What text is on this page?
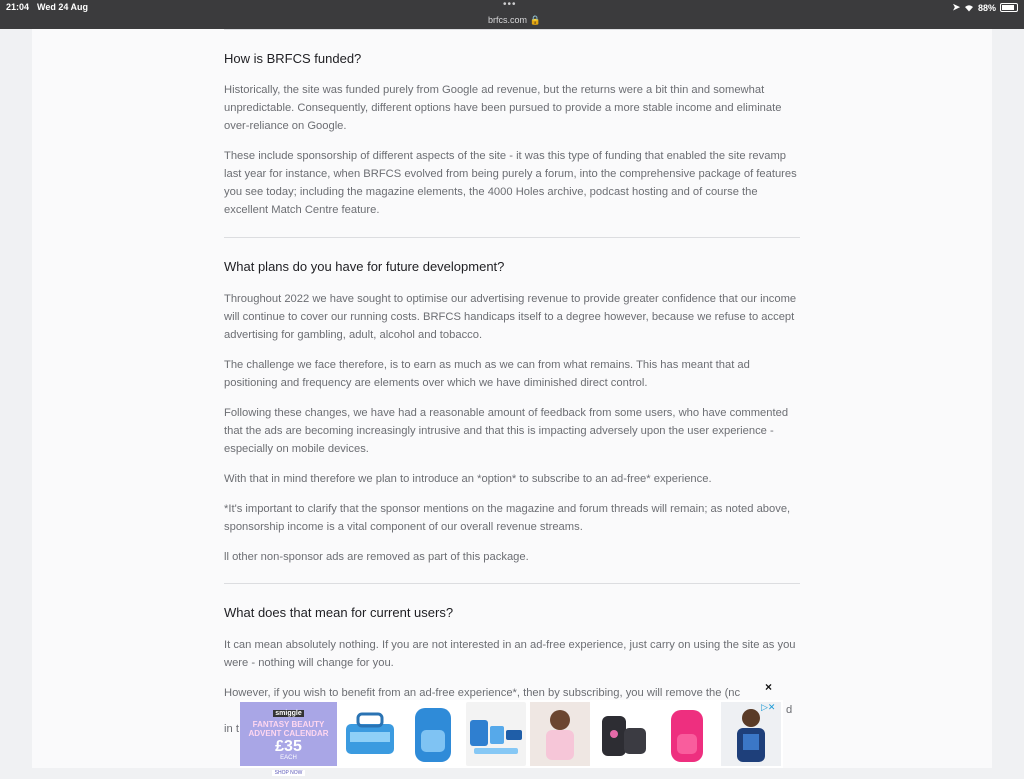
21:04 Wed 24 Aug	•••
brfcs.com 🔒
➤ 88%
How is BRFCS funded?

Historically, the site was funded purely from Google ad revenue, but the returns were a bit thin and somewhat unpredictable. Consequently, different options have been pursued to provide a more stable income and eliminate over-reliance on Google.

These include sponsorship of different aspects of the site - it was this type of funding that enabled the site revamp last year for instance, when BRFCS evolved from being purely a forum, into the comprehensive package of features you see today; including the magazine elements, the 4000 Holes archive, podcast hosting and of course the excellent Match Centre feature.

What plans do you have for future development?

Throughout 2022 we have sought to optimise our advertising revenue to provide greater confidence that our income will continue to cover our running costs. BRFCS handicaps itself to a degree however, because we refuse to accept advertising for gambling, adult, alcohol and tobacco.

The challenge we face therefore, is to earn as much as we can from what remains. This has meant that ad positioning and frequency are elements over which we have diminished direct control.

Following these changes, we have had a reasonable amount of feedback from some users, who have commented that the ads are becoming increasingly intrusive and that this is impacting adversely upon the user experience - especially on mobile devices.

With that in mind therefore we plan to introduce an *option* to subscribe to an ad-free* experience.

*It's important to clarify that the sponsor mentions on the magazine and forum threads will remain; as noted above, sponsorship income is a vital component of our overall revenue streams.

ll other non-sponsor ads are removed as part of this package.

What does that mean for current users?

It can mean absolutely nothing. If you are not interested in an ad-free experience, just carry on using the site as you were - nothing will change for you.

However, if you wish to benefit from an ad-free experience*, then by subscribing, you will remove the (nc

in t

×
smiggle
FANTASY BEAUTY
ADVENT CALENDAR
£35
EACH
SHOP NOW
▷✕ d
